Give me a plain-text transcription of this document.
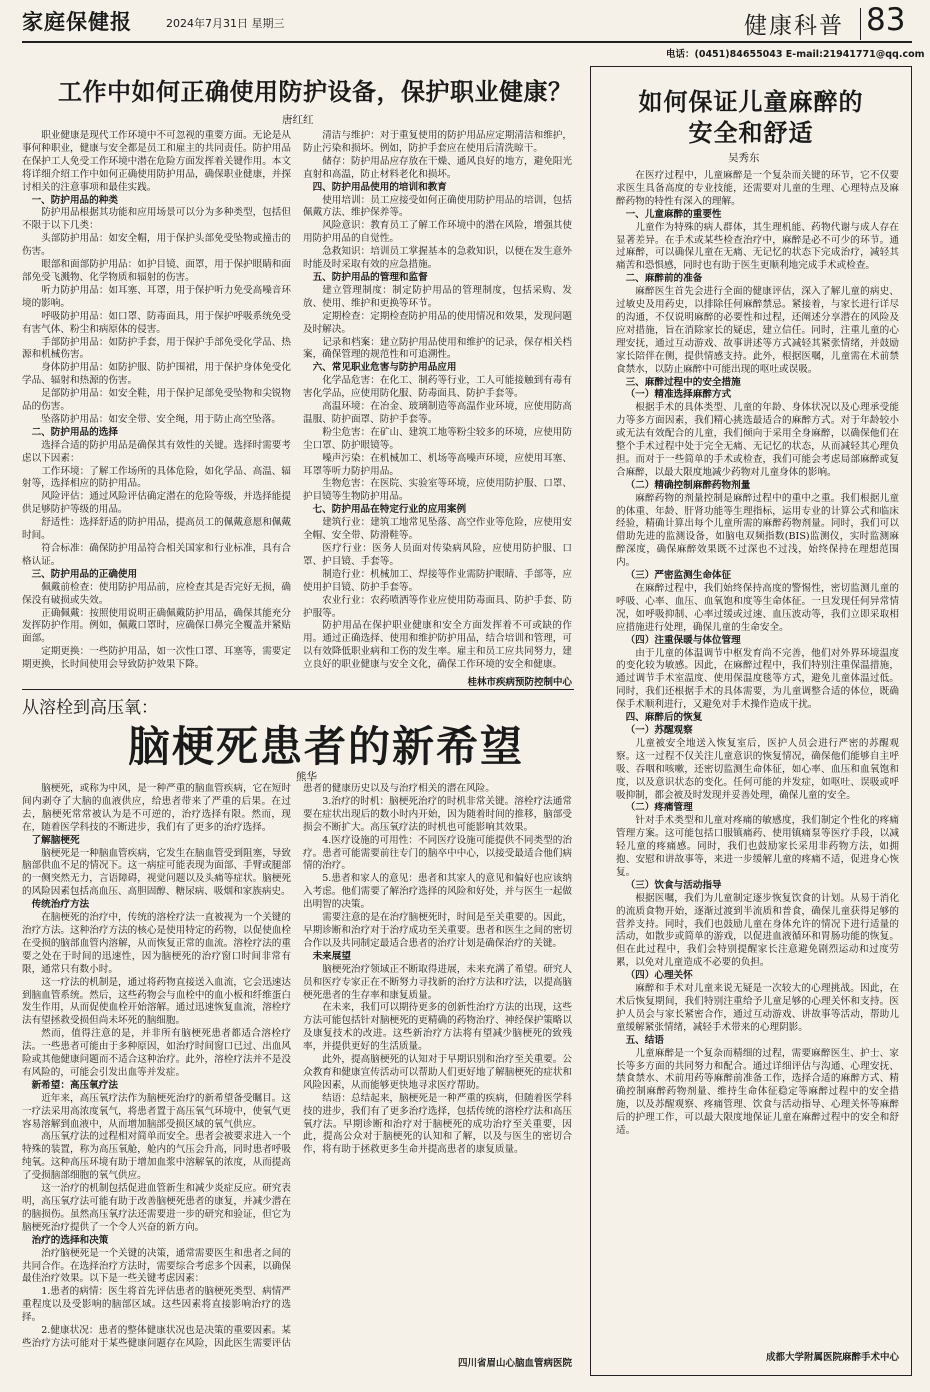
家庭保健报	2024年7月31日 星期三	健康科普 83
电话：(0451)84655043 E-mail:21941771@qq.com
工作中如何正确使用防护设备，保护职业健康？
唐红红

职业健康是现代工作环境中不可忽视的重要方面。无论是从事何种职业，健康与安全都是员工和雇主的共同责任。防护用品在保护工人免受工作环境中潜在危险方面发挥着关键作用。本文将详细介绍工作中如何正确使用防护用品，确保职业健康，并探讨相关的注意事项和最佳实践。

一、防护用品的种类

防护用品根据其功能和应用场景可以分为多种类型，包括但不限于以下几类：

头部防护用品：如安全帽，用于保护头部免受坠物或撞击的伤害。

眼部和面部防护用品：如护目镜、面罩，用于保护眼睛和面部免受飞溅物、化学物质和辐射的伤害。

听力防护用品：如耳塞、耳罩，用于保护听力免受高噪音环境的影响。

呼吸防护用品：如口罩、防毒面具，用于保护呼吸系统免受有害气体、粉尘和病原体的侵害。

手部防护用品：如防护手套，用于保护手部免受化学品、热源和机械伤害。

身体防护用品：如防护服、防护围裙，用于保护身体免受化学品、辐射和热源的伤害。

足部防护用品：如安全鞋，用于保护足部免受坠物和尖锐物品的伤害。

坠落防护用品：如安全带、安全绳，用于防止高空坠落。

二、防护用品的选择

选择合适的防护用品是确保其有效性的关键。选择时需要考虑以下因素：

工作环境：了解工作场所的具体危险，如化学品、高温、辐射等，选择相应的防护用品。

风险评估：通过风险评估确定潜在的危险等级，并选择能提供足够防护等级的用品。

舒适性：选择舒适的防护用品，提高员工的佩戴意愿和佩戴时间。

符合标准：确保防护用品符合相关国家和行业标准，具有合格认证。

三、防护用品的正确使用

佩戴前检查：使用防护用品前，应检查其是否完好无损，确保没有破损或失效。

正确佩戴：按照使用说明正确佩戴防护用品，确保其能充分发挥防护作用。例如，佩戴口罩时，应确保口鼻完全覆盖并紧贴面部。

定期更换：一些防护用品，如一次性口罩、耳塞等，需要定期更换，长时间使用会导致防护效果下降。

清洁与维护：对于重复使用的防护用品应定期清洁和维护，防止污染和损坏。例如，防护手套应在使用后清洗晾干。

储存：防护用品应存放在干燥、通风良好的地方，避免阳光直射和高温，防止材料老化和损坏。

四、防护用品使用的培训和教育

使用培训：员工应接受如何正确使用防护用品的培训，包括佩戴方法、维护保养等。

风险意识：教育员工了解工作环境中的潜在风险，增强其使用防护用品的自觉性。

急救知识：培训员工掌握基本的急救知识，以便在发生意外时能及时采取有效的应急措施。

五、防护用品的管理和监督

建立管理制度：制定防护用品的管理制度，包括采购、发放、使用、维护和更换等环节。

定期检查：定期检查防护用品的使用情况和效果，发现问题及时解决。

记录和档案：建立防护用品使用和维护的记录，保存相关档案，确保管理的规范性和可追溯性。

六、常见职业危害与防护用品应用

化学品危害：在化工、制药等行业，工人可能接触到有毒有害化学品，应使用防化服、防毒面具、防护手套等。

高温环境：在冶金、玻璃制造等高温作业环境，应使用防高温服、防护面罩、防护手套等。

粉尘危害：在矿山、建筑工地等粉尘较多的环境，应使用防尘口罩、防护眼镜等。

噪声污染：在机械加工、机场等高噪声环境，应使用耳塞、耳罩等听力防护用品。

生物危害：在医院、实验室等环境，应使用防护服、口罩、护目镜等生物防护用品。

七、防护用品在特定行业的应用案例

建筑行业：建筑工地常见坠落、高空作业等危险，应使用安全帽、安全带、防滑鞋等。

医疗行业：医务人员面对传染病风险，应使用防护服、口罩、护目镜、手套等。

制造行业：机械加工、焊接等作业需防护眼睛、手部等，应使用护目镜、防护手套等。

农业行业：农药喷洒等作业应使用防毒面具、防护手套、防护服等。

防护用品在保护职业健康和安全方面发挥着不可或缺的作用。通过正确选择、使用和维护防护用品，结合培训和管理，可以有效降低职业病和工伤的发生率。雇主和员工应共同努力，建立良好的职业健康与安全文化，确保工作环境的安全和健康。

桂林市疾病预防控制中心
从溶栓到高压氧：
脑梗死患者的新希望
熊华

脑梗死，或称为中风，是一种严重的脑血管疾病，它在短时间内剥夺了大脑的血液供应，给患者带来了严重的后果。在过去，脑梗死常常被认为是不可逆的，治疗选择有限。然而，现在，随着医学科技的不断进步，我们有了更多的治疗选择。

了解脑梗死

脑梗死是一种脑血管疾病，它发生在脑血管受到阻塞，导致脑部供血不足的情况下。这一病症可能表现为面部、手臂或腿部的一侧突然无力，言语障碍，视觉问题以及头痛等症状。脑梗死的风险因素包括高血压、高胆固醇、糖尿病、吸烟和家族病史。

传统治疗方法

在脑梗死的治疗中，传统的溶栓疗法一直被视为一个关键的治疗方法。这种治疗方法的核心是使用特定的药物，以促使血栓在受损的脑部血管内溶解，从而恢复正常的血流。溶栓疗法的重要之处在于时间的迅速性，因为脑梗死的治疗窗口时间非常有限，通常只有数小时。

这一疗法的机制是，通过将药物直接送入血流，它会迅速达到脑血管系统。然后，这些药物会与血栓中的血小板和纤维蛋白发生作用，从而促使血栓开始溶解。通过迅速恢复血流，溶栓疗法有望拯救受损但尚未坏死的脑细胞。

然而，值得注意的是，并非所有脑梗死患者都适合溶栓疗法。一些患者可能由于多种原因，如治疗时间窗口已过、出血风险或其他健康问题而不适合这种治疗。此外，溶栓疗法并不是没有风险的，可能会引发出血等并发症。

新希望：高压氧疗法

近年来，高压氧疗法作为脑梗死治疗的新希望备受瞩目。这一疗法采用高浓度氧气，将患者置于高压氧气环境中，使氧气更容易溶解到血液中，从而增加脑部受损区域的氧气供应。

高压氧疗法的过程相对简单而安全。患者会被要求进入一个特殊的装置，称为高压氧舱，舱内的气压会升高，同时患者呼吸纯氧。这种高压环境有助于增加血浆中溶解氧的浓度，从而提高了受损脑部细胞的氧气供应。

这一治疗的机制包括促进血管新生和减少炎症反应。研究表明，高压氧疗法可能有助于改善脑梗死患者的康复，并减少潜在的脑损伤。虽然高压氧疗法还需要进一步的研究和验证，但它为脑梗死治疗提供了一个令人兴奋的新方向。

治疗的选择和决策

治疗脑梗死是一个关键的决策，通常需要医生和患者之间的共同合作。在选择治疗方法时，需要综合考虑多个因素，以确保最佳治疗效果。以下是一些关键考虑因素：

1.患者的病情：医生将首先评估患者的脑梗死类型、病情严重程度以及受影响的脑部区域。这些因素将直接影响治疗的选择。

2.健康状况：患者的整体健康状况也是决策的重要因素。某些治疗方法可能对于某些健康问题存在风险，因此医生需要评估患者的健康历史以及与治疗相关的潜在风险。

3.治疗的时机：脑梗死治疗的时机非常关键。溶栓疗法通常要在症状出现后的数小时内开始，因为随着时间的推移，脑部受损会不断扩大。高压氧疗法的时机也可能影响其效果。

4.医疗设施的可用性：不同医疗设施可能提供不同类型的治疗。患者可能需要前往专门的脑卒中中心，以接受最适合他们病情的治疗。

5.患者和家人的意见：患者和其家人的意见和偏好也应该纳入考虑。他们需要了解治疗选择的风险和好处，并与医生一起做出明智的决策。

需要注意的是在治疗脑梗死时，时间是至关重要的。因此，早期诊断和治疗对于治疗成功至关重要。患者和医生之间的密切合作以及共同制定最适合患者的治疗计划是确保治疗的关键。

未来展望

脑梗死治疗领域正不断取得进展，未来充满了希望。研究人员和医疗专家正在不断努力寻找新的治疗方法和疗法，以提高脑梗死患者的生存率和康复质量。

在未来，我们可以期待更多的创新性治疗方法的出现，这些方法可能包括针对脑梗死的更精确的药物治疗、神经保护策略以及康复技术的改进。这些新治疗方法将有望减少脑梗死的致残率，并提供更好的生活质量。

此外，提高脑梗死的认知对于早期识别和治疗至关重要。公众教育和健康宣传活动可以帮助人们更好地了解脑梗死的症状和风险因素，从而能够更快地寻求医疗帮助。

结语：总结起来，脑梗死是一种严重的疾病，但随着医学科技的进步，我们有了更多治疗选择，包括传统的溶栓疗法和高压氧疗法。早期诊断和治疗对于脑梗死的成功治疗至关重要，因此，提高公众对于脑梗死的认知和了解，以及与医生的密切合作，将有助于拯救更多生命并提高患者的康复质量。

四川省眉山心脑血管病医院
如何保证儿童麻醉的
安全和舒适
吴秀东

在医疗过程中，儿童麻醉是一个复杂而关键的环节，它不仅要求医生具备高度的专业技能，还需要对儿童的生理、心理特点及麻醉药物的特性有深入的理解。

一、儿童麻醉的重要性

儿童作为特殊的病人群体，其生理机能、药物代谢与成人存在显著差异。在手术或某些检查治疗中，麻醉是必不可少的环节。通过麻醉，可以确保儿童在无痛、无记忆的状态下完成治疗，减轻其痛苦和恐惧感，同时也有助于医生更顺利地完成手术或检查。

二、麻醉前的准备

麻醉医生首先会进行全面的健康评估，深入了解儿童的病史、过敏史及用药史，以排除任何麻醉禁忌。紧接着，与家长进行详尽的沟通，不仅说明麻醉的必要性和过程，还阐述分享潜在的风险及应对措施，旨在消除家长的疑虑，建立信任。同时，注重儿童的心理安抚，通过互动游戏、故事讲述等方式减轻其紧张情绪，并鼓励家长陪伴在侧，提供情感支持。此外，根据医嘱，儿童需在术前禁食禁水，以防止麻醉中可能出现的呕吐或误吸。

三、麻醉过程中的安全措施

（一）精准选择麻醉方式

根据手术的具体类型、儿童的年龄、身体状况以及心理承受能力等多方面因素，我们精心挑选最适合的麻醉方式。对于年龄较小或无法有效配合的儿童，我们倾向于采用全身麻醉，以确保他们在整个手术过程中处于完全无痛、无记忆的状态，从而减轻其心理负担。而对于一些简单的手术或检查，我们可能会考虑局部麻醉或复合麻醉，以最大限度地减少药物对儿童身体的影响。

（二）精确控制麻醉药物剂量

麻醉药物的剂量控制是麻醉过程中的重中之重。我们根据儿童的体重、年龄、肝肾功能等生理指标，运用专业的计算公式和临床经验，精确计算出每个儿童所需的麻醉药物剂量。同时，我们可以借助先进的监测设备，如脑电双频指数(BIS)监测仪，实时监测麻醉深度，确保麻醉效果既不过深也不过浅，始终保持在理想范围内。

（三）严密监测生命体征

在麻醉过程中，我们始终保持高度的警惕性，密切监测儿童的呼吸、心率、血压、血氧饱和度等生命体征。一旦发现任何异常情况，如呼吸抑制、心率过缓或过速、血压波动等，我们立即采取相应措施进行处理，确保儿童的生命安全。

（四）注重保暖与体位管理

由于儿童的体温调节中枢发育尚不完善，他们对外界环境温度的变化较为敏感。因此，在麻醉过程中，我们特别注重保温措施，通过调节手术室温度、使用保温度毯等方式，避免儿童体温过低。同时，我们还根据手术的具体需要，为儿童调整合适的体位，既确保手术顺利进行，又避免对手术操作造成干扰。

四、麻醉后的恢复

（一）苏醒观察

儿童被安全地送入恢复室后，医护人员会进行严密的苏醒观察。这一过程不仅关注儿童意识的恢复情况，确保他们能够自主呼吸、吞咽和咳嗽，还密切监测生命体征，如心率、血压和血氧饱和度，以及意识状态的变化。任何可能的并发症，如呕吐、误吸或呼吸抑制，都会被及时发现并妥善处理，确保儿童的安全。

（二）疼痛管理

针对手术类型和儿童对疼痛的敏感度，我们制定个性化的疼痛管理方案。这可能包括口服镇痛药、使用镇痛泵等医疗手段，以减轻儿童的疼痛感。同时，我们也鼓励家长采用非药物方法，如拥抱、安慰和讲故事等，来进一步缓解儿童的疼痛不适，促进身心恢复。

（三）饮食与活动指导

根据医嘱，我们为儿童制定逐步恢复饮食的计划。从易于消化的流质食物开始，逐渐过渡到半流质和普食，确保儿童获得足够的营养支持。同时，我们也鼓励儿童在身体允许的情况下进行适量的活动，如散步或简单的游戏，以促进血液循环和胃肠功能的恢复。但在此过程中，我们会特别提醒家长注意避免剧烈运动和过度劳累，以免对儿童造成不必要的负担。

（四）心理关怀

麻醉和手术对儿童来说无疑是一次较大的心理挑战。因此，在术后恢复期间，我们特别注重给予儿童足够的心理关怀和支持。医护人员会与家长紧密合作，通过互动游戏、讲故事等活动，帮助儿童缓解紧张情绪，减轻手术带来的心理阴影。

五、结语

儿童麻醉是一个复杂而精细的过程，需要麻醉医生、护士、家长等多方面的共同努力和配合。通过详细评估与沟通、心理安抚、禁食禁水、术前用药等麻醉前准备工作，选择合适的麻醉方式、精确控制麻醉药物剂量、维持生命体征稳定等麻醉过程中的安全措施，以及苏醒观察、疼痛管理、饮食与活动指导、心理关怀等麻醉后的护理工作，可以最大限度地保证儿童在麻醉过程中的安全和舒适。

成都大学附属医院麻醉手术中心
